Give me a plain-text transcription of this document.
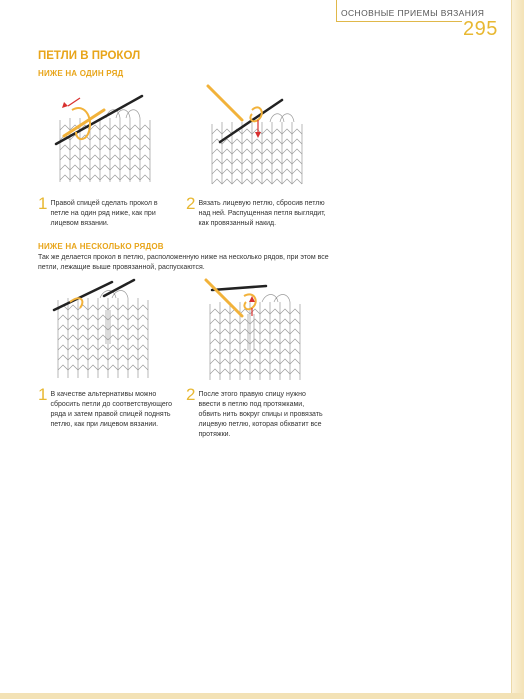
ОСНОВНЫЕ ПРИЕМЫ ВЯЗАНИЯ
295
ПЕТЛИ В ПРОКОЛ
НИЖЕ НА ОДИН РЯД
1 Правой спицей сделать прокол в петле на один ряд ниже, как при лицевом вязании.
2 Вязать лицевую петлю, сбросив петлю над ней. Распущенная петля выглядит, как провязанный накид.
НИЖЕ НА НЕСКОЛЬКО РЯДОВ
Так же делается прокол в петлю, расположенную ниже на несколько рядов, при этом все петли, лежащие выше провязанной, распускаются.
1 В качестве альтернативы можно сбросить петли до соответствующего ряда и затем правой спицей поднять петлю, как при лицевом вязании.
2 После этого правую спицу нужно ввести в петлю под протяжками, обвить нить вокруг спицы и провязать лицевую петлю, которая обхватит все протяжки.
